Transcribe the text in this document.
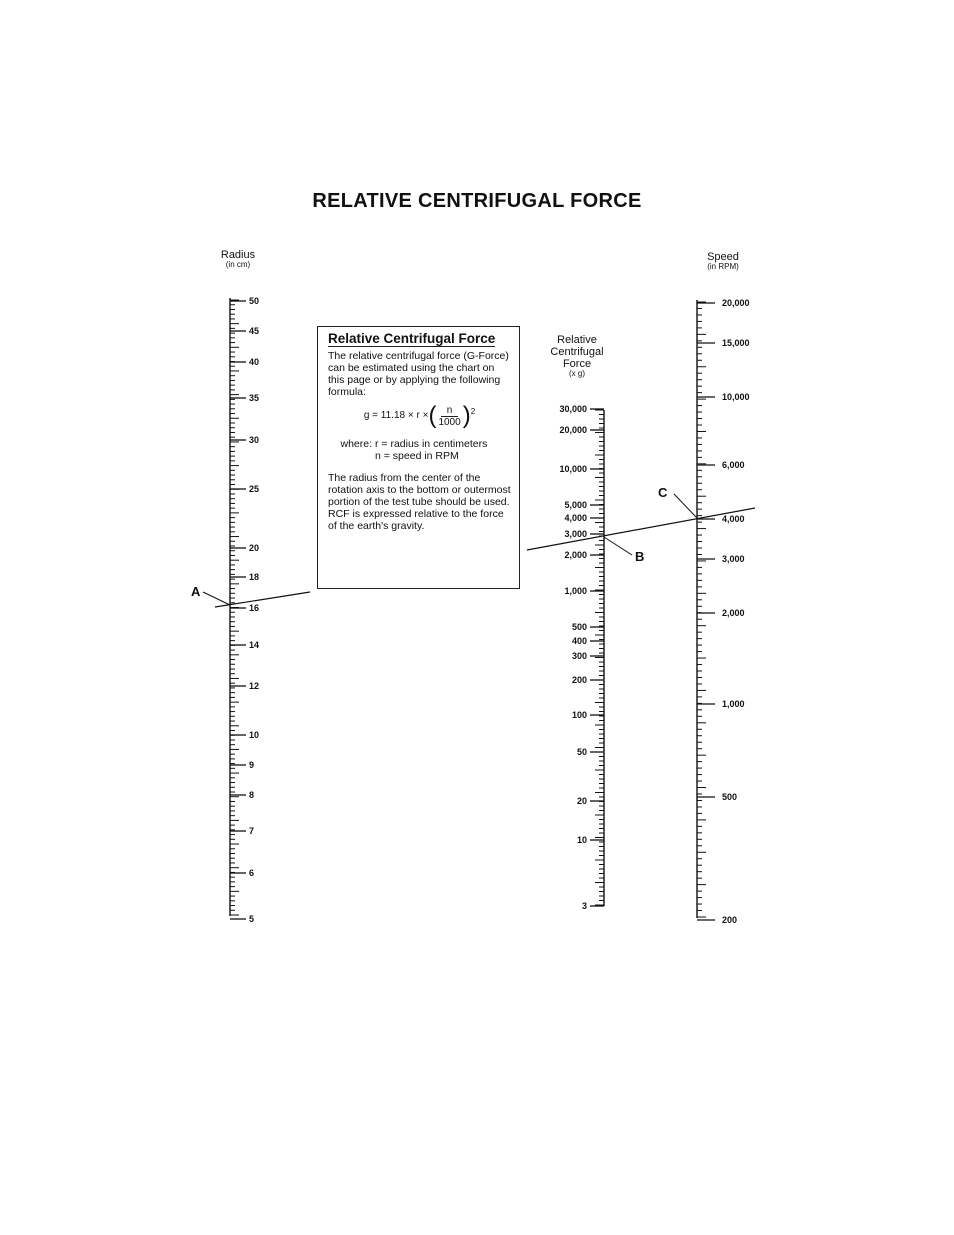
RELATIVE CENTRIFUGAL FORCE
Radius
(in cm)
Speed
(in RPM)
Relative Centrifugal Force
(x g)
50
45
40
35
30
25
20
18
16
14
12
10
9
8
7
6
5
30,000
20,000
10,000
5,000
4,000
3,000
2,000
1,000
500
400
300
200
100
50
20
10
3
20,000
15,000
10,000
6,000
4,000
3,000
2,000
1,000
500
200
A
B
C
Relative Centrifugal Force

The relative centrifugal force (G-Force) can be estimated using the chart on this page or by applying the following formula:

g = 11.18 × r × ( $\frac{n}{1000} )^2$
where: r = radius in centimeters
n = speed in RPM

The radius from the center of the rotation axis to the bottom or outermost portion of the test tube should be used. RCF is expressed relative to the force of the earth's gravity.
